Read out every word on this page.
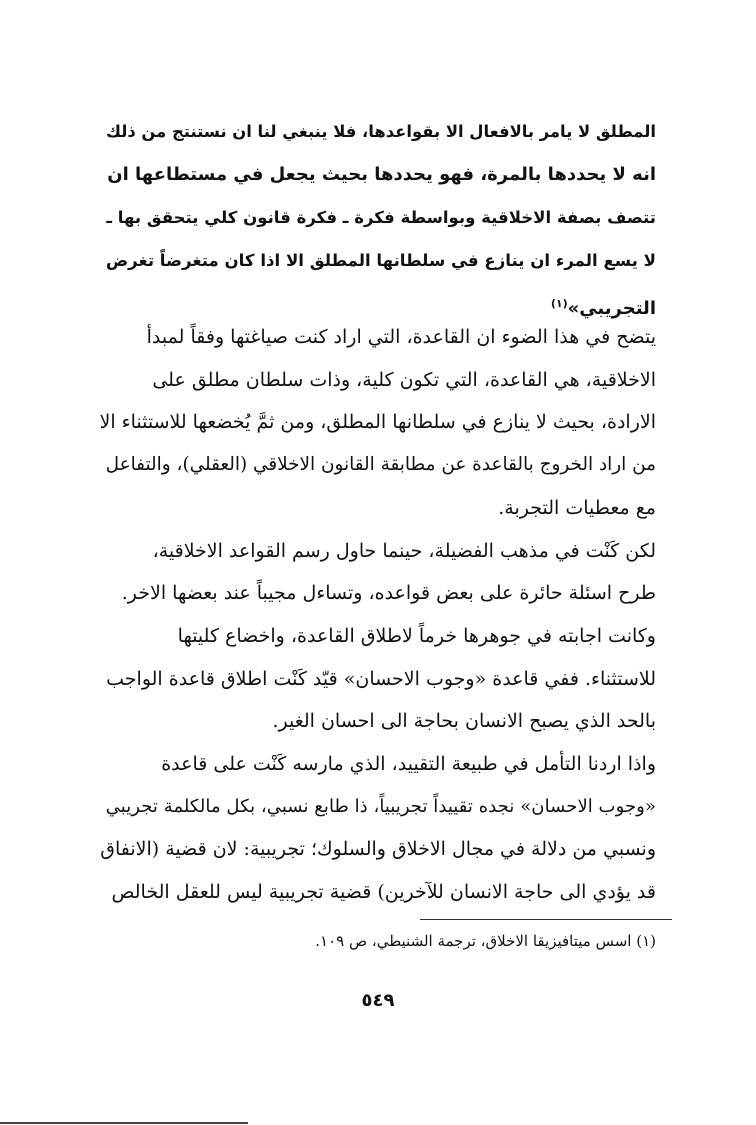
المطلق لا يامر بالافعال الا بقواعدها، فلا ينبغي لنا ان نستنتج من ذلك
انه لا يحددها بالمرة، فهو يحددها بحيث يجعل في مستطاعها ان
تتصف بصفة الاخلاقية وبواسطة فكرة ـ فكرة قانون كلي يتحقق بها ـ
لا يسع المرء ان ينازع في سلطانها المطلق الا اذا كان متغرضاً تغرض
التجريبي»$^{(١)}$
يتضح في هذا الضوء ان القاعدة، التي اراد كنت صياغتها وفقاً لمبدأ
الاخلاقية، هي القاعدة، التي تكون كلية، وذات سلطان مطلق على
الارادة، بحيث لا ينازع في سلطانها المطلق، ومن ثمَّ يُخضعها للاستثناء الا
من اراد الخروج بالقاعدة عن مطابقة القانون الاخلاقي (العقلي)، والتفاعل
مع معطيات التجربة.
لكن كَنْت في مذهب الفضيلة، حينما حاول رسم القواعد الاخلاقية،
طرح اسئلة حائرة على بعض قواعده، وتساءل مجيباً عند بعضها الاخر.
وكانت اجابته في جوهرها خرماً لاطلاق القاعدة، واخضاع كليتها
للاستثناء. ففي قاعدة «وجوب الاحسان» قيّد كَنْت اطلاق قاعدة الواجب
بالحد الذي يصبح الانسان بحاجة الى احسان الغير.
واذا اردنا التأمل في طبيعة التقييد، الذي مارسه كَنْت على قاعدة
«وجوب الاحسان» نجده تقييداً تجريبياً، ذا طابع نسبي، بكل مالكلمة تجريبي
ونسبي من دلالة في مجال الاخلاق والسلوك؛ تجريبية: لان قضية (الانفاق
قد يؤدي الى حاجة الانسان للآخرين) قضية تجريبية ليس للعقل الخالص
(١) اسس ميتافيزيقا الاخلاق، ترجمة الشنيطي، ص ١٠٩.
٥٤٩
